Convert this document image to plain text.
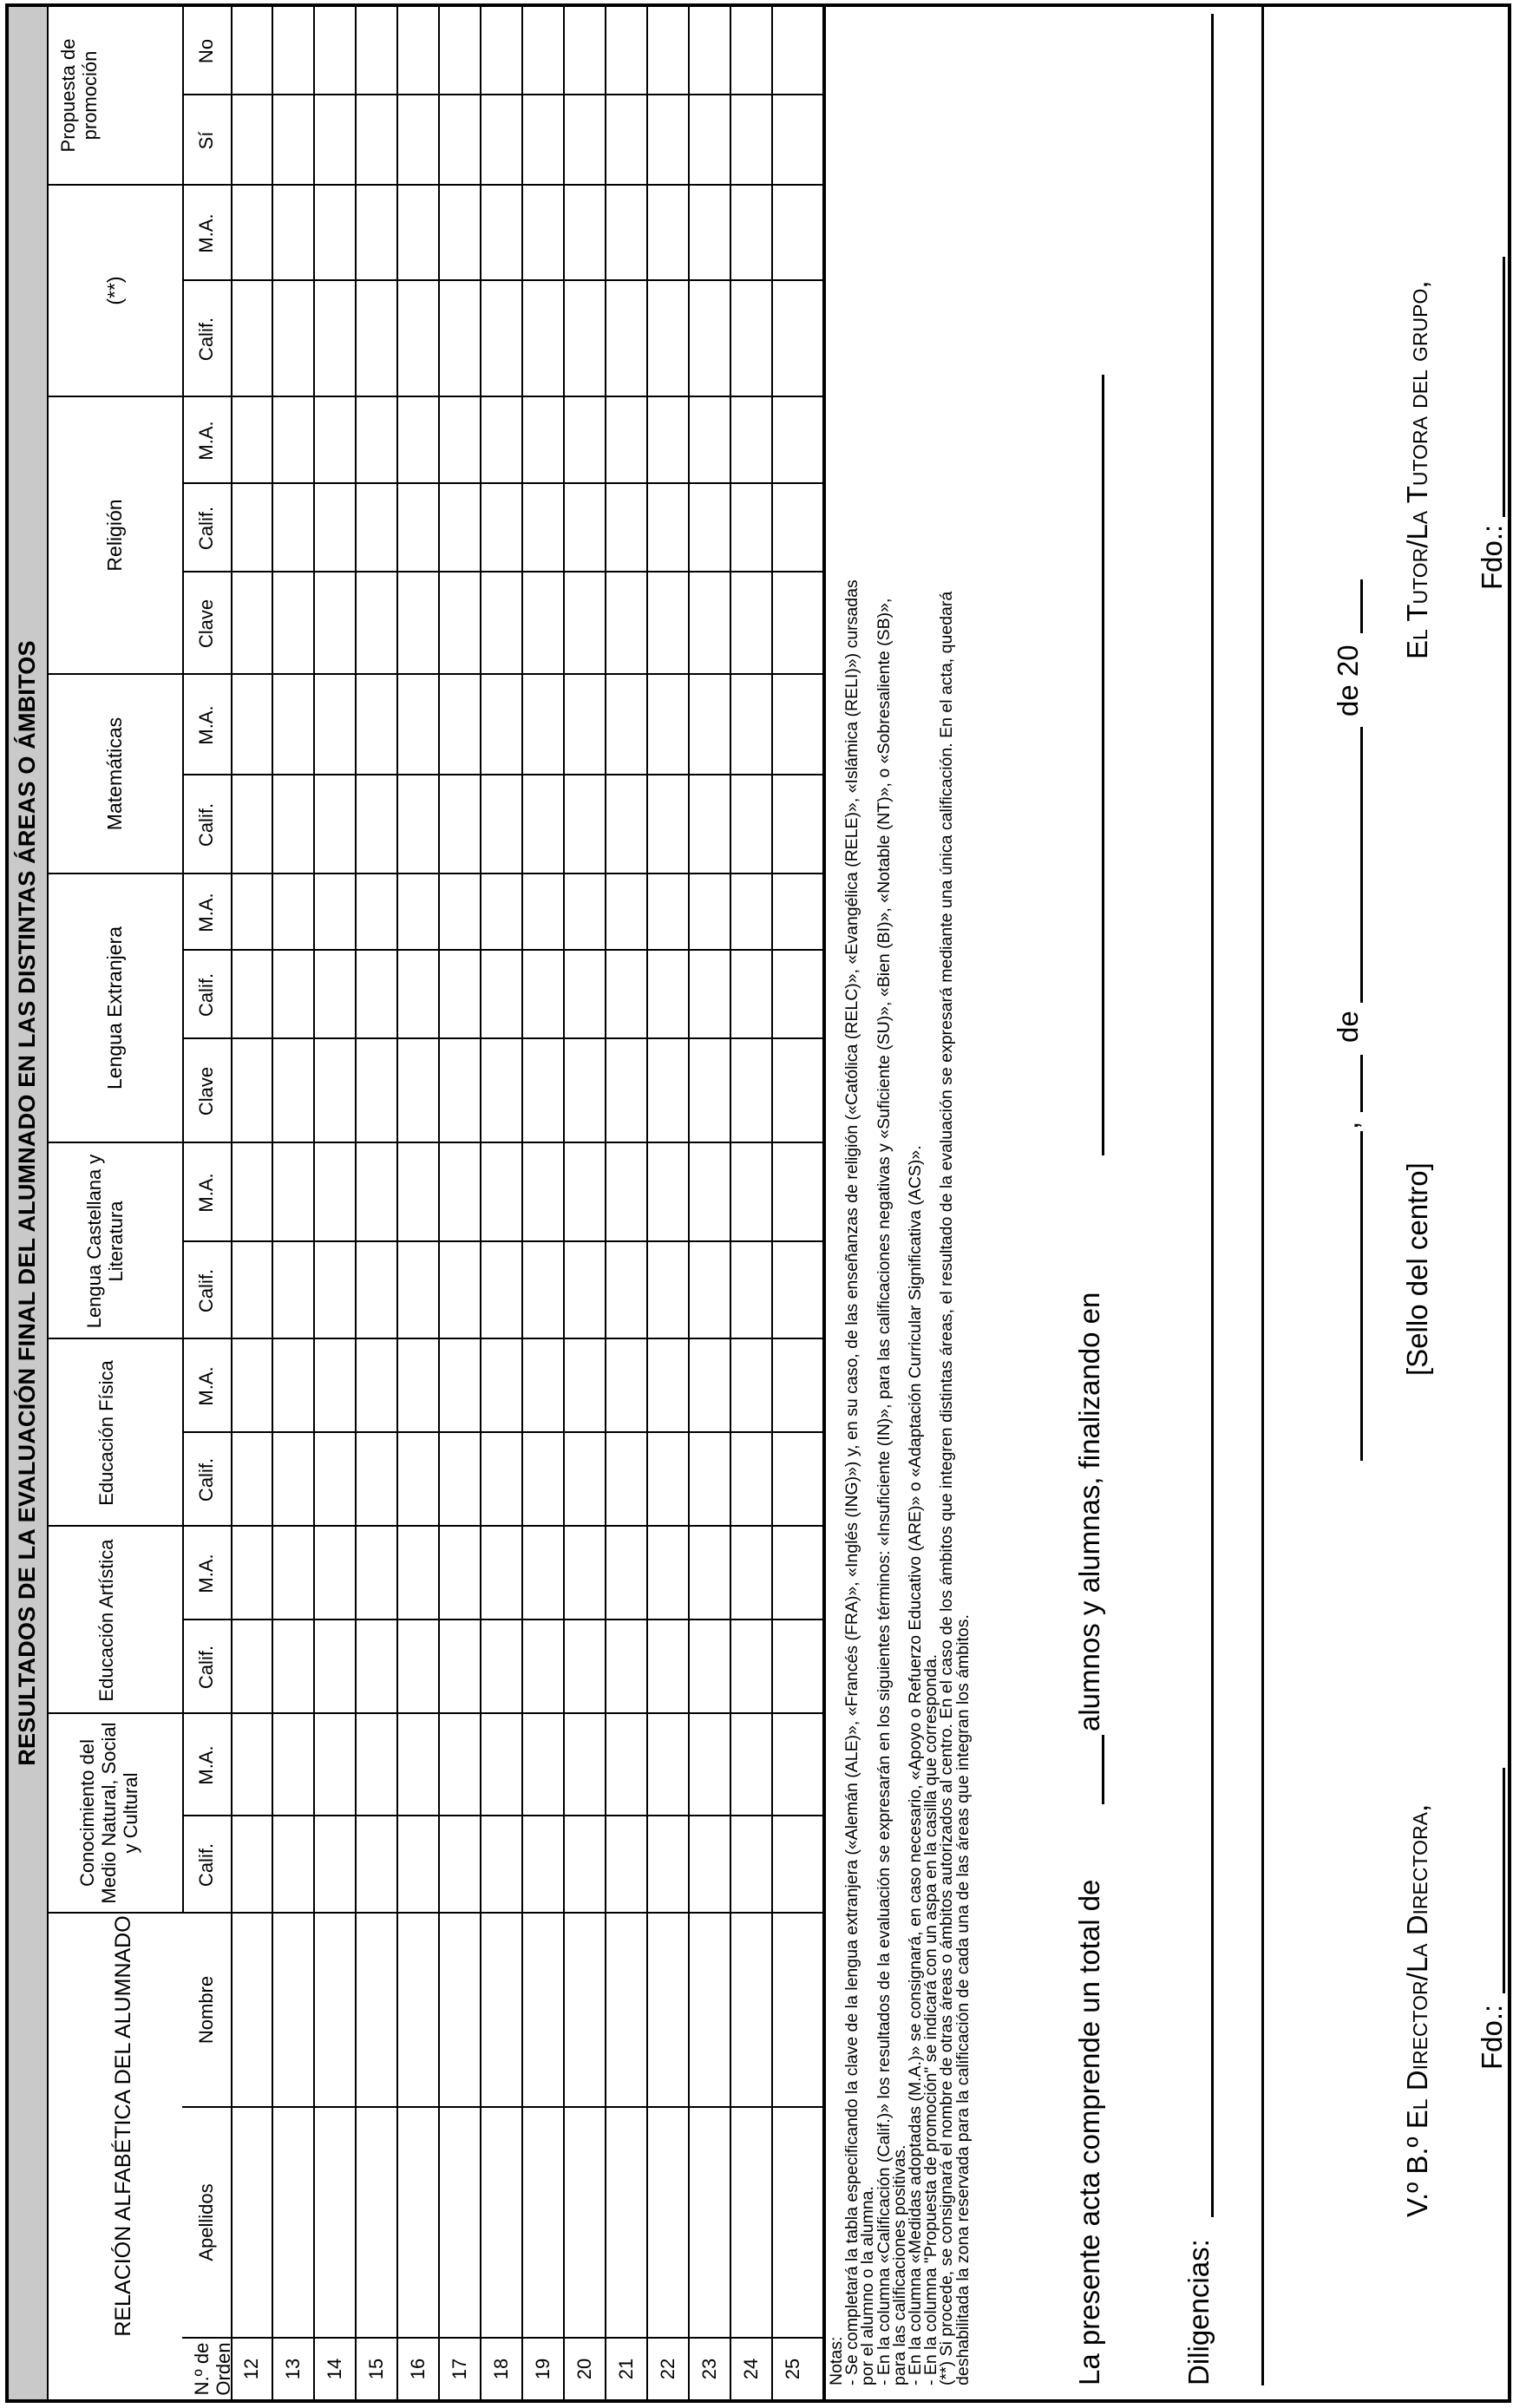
RESULTADOS DE LA EVALUACIÓN FINAL DEL ALUMNADO EN LAS DISTINTAS ÁREAS O ÁMBITOS
RELACIÓN ALFABÉTICA DEL ALUMNADO
N.º de Orden
Apellidos
Nombre
Conocimiento del Medio Natural, Social y Cultural
Educación Artística
Educación Física
Lengua Castellana y Literatura
Lengua Extranjera
Matemáticas
Religión
(**)
Propuesta de promoción
Calif.
M.A.
Calif.
M.A.
Calif.
M.A.
Calif.
M.A.
Clave
Calif.
M.A.
Calif.
M.A.
Clave
Calif.
M.A.
Calif.
M.A.
Sí
No
12 13 14 15 16 17 18 19 20 21 22 23 24 25 Notas:
- Se completará la tabla especificando la clave de la lengua extranjera («Alemán (ALE)», «Francés (FRA)», «Inglés (ING)») y, en su caso, de las enseñanzas de religión («Católica (RELC)», «Evangélica (RELE)», «Islámica (RELI)») cursadas
por el alumno o la alumna.
- En la columna «Calificación (Calif.)» los resultados de la evaluación se expresarán en los siguientes términos: «Insuficiente (IN)», para las calificaciones negativas y «Suficiente (SU)», «Bien (BI)», «Notable (NT)», o «Sobresaliente (SB)»,
para las calificaciones positivas.
- En la columna «Medidas adoptadas (M.A.)» se consignará, en caso necesario, «Apoyo o Refuerzo Educativo (ARE)» o «Adaptación Curricular Significativa (ACS)».
- En la columna "Propuesta de promoción" se indicará con un aspa en la casilla que corresponda.
(**) Si procede, se consignará el nombre de otras áreas o ámbitos autorizados al centro. En el caso de los ámbitos que integren distintas áreas, el resultado de la evaluación se expresará mediante una única calificación. En el acta, quedará
deshabilitada la zona reservada para la calificación de cada una de las áreas que integran los ámbitos.	La presente acta comprende un total de
alumnos y alumnas, finalizando en
Diligencias:
,
de
de 20
V.º B.º El Director/La Directora,
[Sello del centro]
El Tutor/La Tutora del grupo,
Fdo.:
Fdo.:
